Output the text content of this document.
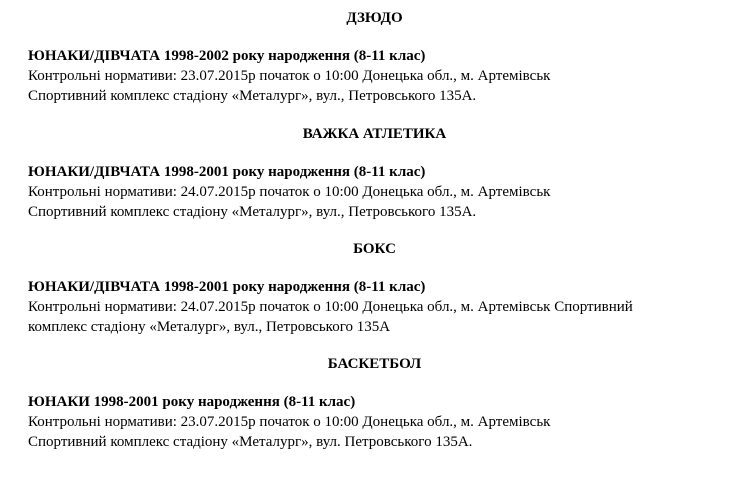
ДЗЮДО

ЮНАКИ/ДІВЧАТА 1998-2002 року народження (8-11 клас)

Контрольні нормативи: 23.07.2015р початок о 10:00 Донецька обл., м. Артемівськ
Спортивний комплекс стадіону «Металург», вул., Петровського 135А.

ВАЖКА АТЛЕТИКА

ЮНАКИ/ДІВЧАТА 1998-2001 року народження (8-11 клас)

Контрольні нормативи: 24.07.2015р початок о 10:00 Донецька обл., м. Артемівськ
Спортивний комплекс стадіону «Металург», вул., Петровського 135А.

БОКС

ЮНАКИ/ДІВЧАТА 1998-2001 року народження (8-11 клас)

Контрольні нормативи: 24.07.2015р початок о 10:00 Донецька обл., м. Артемівськ Спортивний
комплекс стадіону «Металург», вул., Петровського 135А

БАСКЕТБОЛ

ЮНАКИ 1998-2001 року народження (8-11 клас)

Контрольні нормативи: 23.07.2015р початок о 10:00 Донецька обл., м. Артемівськ
Спортивний комплекс стадіону «Металург», вул. Петровського 135А.
